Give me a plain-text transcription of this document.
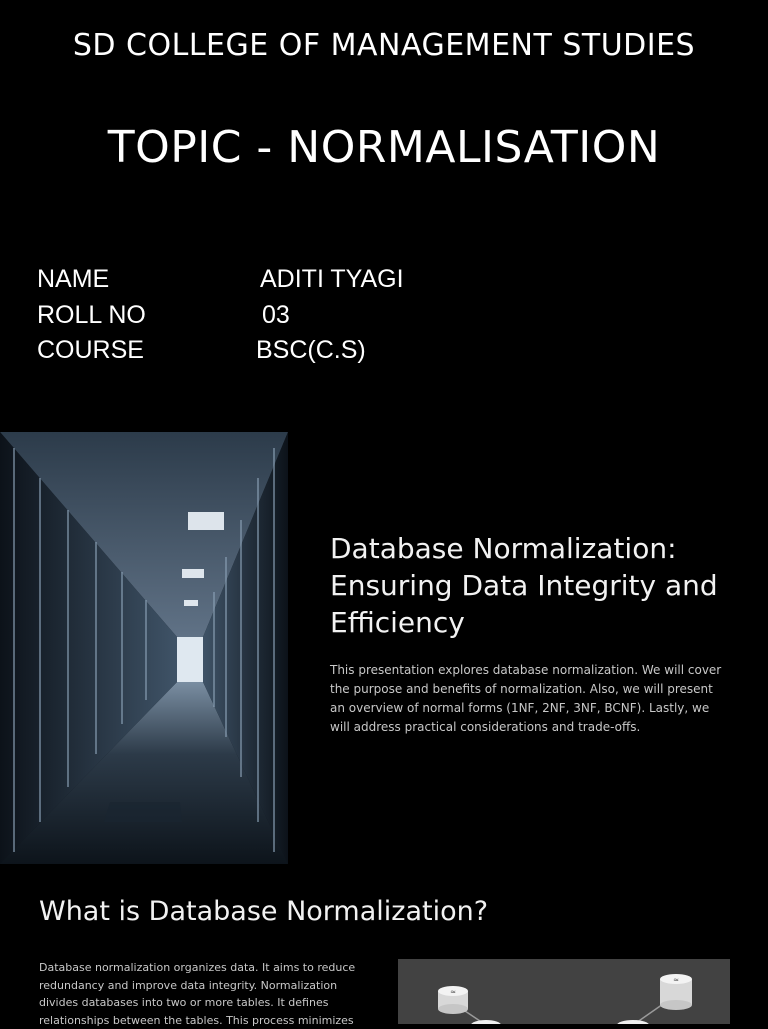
SD COLLEGE OF MANAGEMENT STUDIES
TOPIC - NORMALISATION
NAME	ADITI TYAGI
ROLL NO	03
COURSE	BSC(C.S)
Database Normalization: Ensuring Data Integrity and Efficiency
This presentation explores database normalization. We will cover the purpose and benefits of normalization. Also, we will present an overview of normal forms (1NF, 2NF, 3NF, BCNF). Lastly, we will address practical considerations and trade-offs.
What is Database Normalization?
Database normalization organizes data. It aims to reduce redundancy and improve data integrity. Normalization divides databases into two or more tables. It defines relationships between the tables. This process minimizes
≈
≈
